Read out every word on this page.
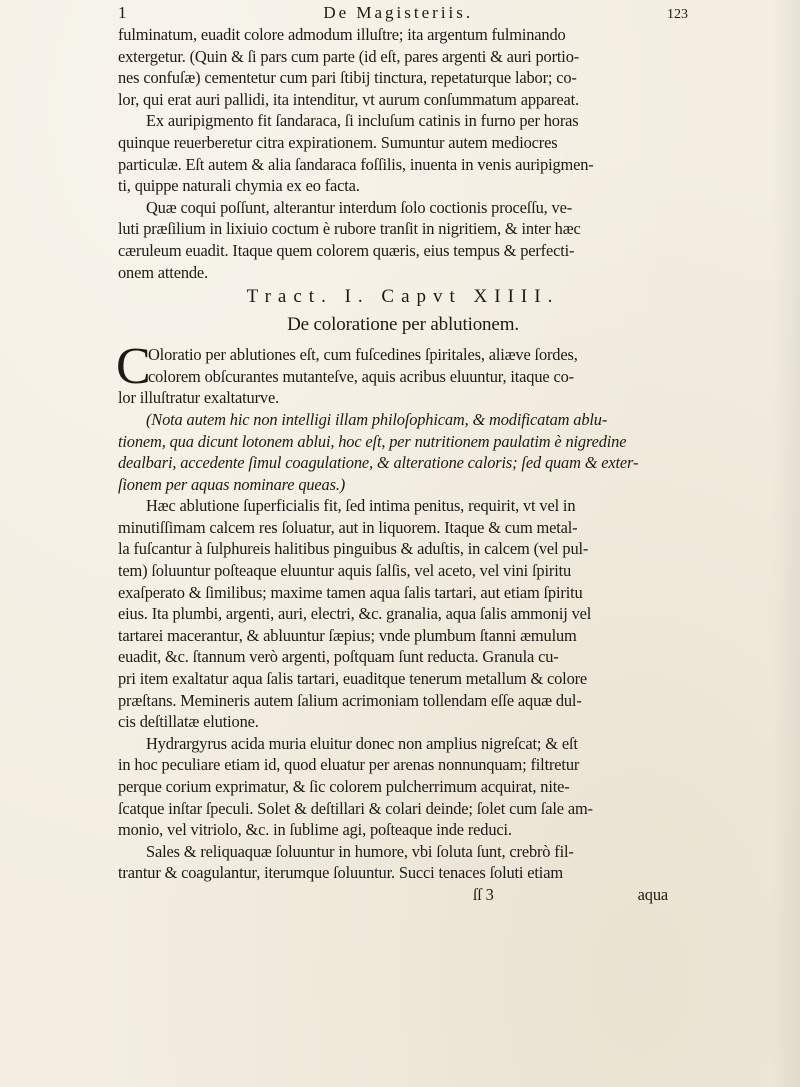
1	De Magisteriis.	123
fulminatum, euadit colore admodum illuſtre; ita argentum fulminando
extergetur. (Quin & ſi pars cum parte (id eſt, pares argenti & auri portio-
nes confuſæ) cementetur cum pari ſtibij tinctura, repetaturque labor; co-
lor, qui erat auri pallidi, ita intenditur, vt aurum conſummatum appareat.
Ex auripigmento fit ſandaraca, ſi incluſum catinis in furno per horas
quinque reuerberetur citra expirationem. Sumuntur autem mediocres
particulæ. Eſt autem & alia ſandaraca foſſilis, inuenta in venis auripigmen-
ti, quippe naturali chymia ex eo facta.
Quæ coqui poſſunt, alterantur interdum ſolo coctionis proceſſu, ve-
luti præſilium in lixiuio coctum è rubore tranſit in nigritiem, & inter hæc
cæruleum euadit. Itaque quem colorem quæris, eius tempus & perfecti-
onem attende.
Tract. I. Capvt XIIII.
De coloratione per ablutionem.
C
Oloratio per ablutiones eſt, cum fuſcedines ſpiritales, aliæve ſordes,
colorem obſcurantes mutanteſve, aquis acribus eluuntur, itaque co-
lor illuſtratur exaltaturve.
(Nota autem hic non intelligi illam philoſophicam, & modificatam ablu-
tionem, qua dicunt lotonem ablui, hoc eſt, per nutritionem paulatim è nigredine
dealbari, accedente ſimul coagulatione, & alteratione caloris; ſed quam & exter-
ſionem per aquas nominare queas.)
Hæc ablutione ſuperficialis fit, ſed intima penitus, requirit, vt vel in
minutiſſimam calcem res ſoluatur, aut in liquorem. Itaque & cum metal-
la fuſcantur à ſulphureis halitibus pinguibus & aduſtis, in calcem (vel pul-
tem) ſoluuntur poſteaque eluuntur aquis ſalſis, vel aceto, vel vini ſpiritu
exaſperato & ſimilibus; maxime tamen aqua ſalis tartari, aut etiam ſpiritu
eius. Ita plumbi, argenti, auri, electri, &c. granalia, aqua ſalis ammonij vel
tartarei macerantur, & abluuntur ſæpius; vnde plumbum ſtanni æmulum
euadit, &c. ſtannum verò argenti, poſtquam ſunt reducta. Granula cu-
pri item exaltatur aqua ſalis tartari, euaditque tenerum metallum & colore
præſtans. Memineris autem ſalium acrimoniam tollendam eſſe aquæ dul-
cis deſtillatæ elutione.
Hydrargyrus acida muria eluitur donec non amplius nigreſcat; & eſt
in hoc peculiare etiam id, quod eluatur per arenas nonnunquam; filtretur
perque corium exprimatur, & ſic colorem pulcherrimum acquirat, nite-
ſcatque inſtar ſpeculi. Solet & deſtillari & colari deinde; ſolet cum ſale am-
monio, vel vitriolo, &c. in ſublime agi, poſteaque inde reduci.
Sales & reliquaquæ ſoluuntur in humore, vbi ſoluta ſunt, crebrò fil-
trantur & coagulantur, iterumque ſoluuntur. Succi tenaces ſoluti etiam
ſſ 3	aqua
